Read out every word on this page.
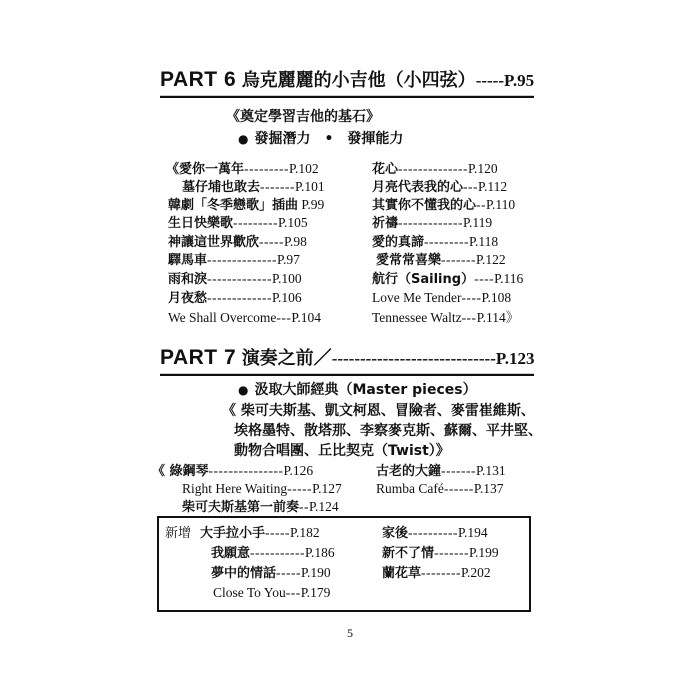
PART 6 烏克麗麗的小吉他（小四弦）-----P.95
《奠定學習吉他的基石》
● 發掘潛力　•　發揮能力
《愛你一萬年---------P.102
墓仔埔也敢去-------P.101
韓劇「冬季戀歌」插曲 P.99
生日快樂歌---------P.105
神讓這世界歡欣-----P.98
驛馬車--------------P.97
雨和淚-------------P.100
月夜愁-------------P.106
We Shall Overcome---P.104
花心--------------P.120
月亮代表我的心---P.112
其實你不懂我的心--P.110
祈禱-------------P.119
愛的真諦---------P.118
愛常常喜樂-------P.122
航行（Sailing）----P.116
Love Me Tender----P.108
Tennessee Waltz---P.114》
PART 7 演奏之前／-----------------------------P.123
● 汲取大師經典（Master pieces）
《 柴可夫斯基、凱文柯恩、冒險者、麥雷崔維斯、
埃格墨特、散塔那、李察麥克斯、蘇爾、平井堅、
動物合唱團、丘比契克（Twist）》
《 綠鋼琴---------------P.126
Right Here Waiting-----P.127
柴可夫斯基第一前奏--P.124
古老的大鐘-------P.131
Rumba Café------P.137
新增 大手拉小手-----P.182
我願意-----------P.186
夢中的情話-----P.190
Close To You---P.179
家後----------P.194
新不了情-------P.199
蘭花草--------P.202
5
